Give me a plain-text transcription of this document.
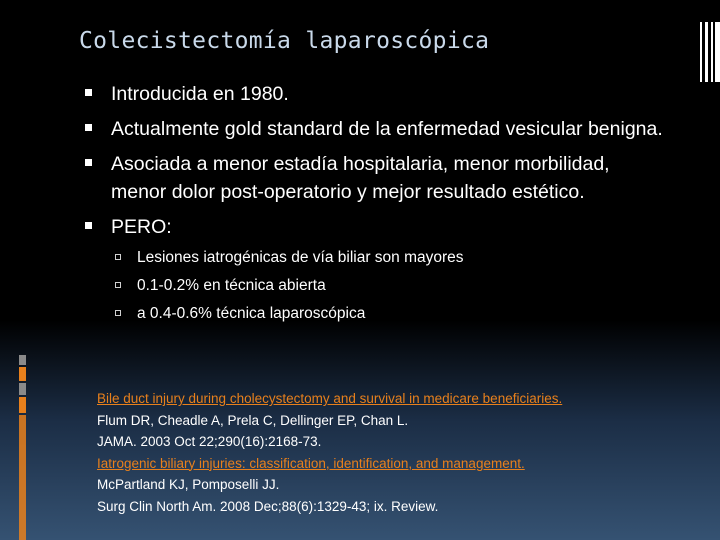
Colecistectomía laparoscópica
Introducida en 1980.
Actualmente gold standard de la enfermedad vesicular benigna.
Asociada a menor estadía hospitalaria, menor morbilidad, menor dolor post-operatorio y mejor resultado estético.
PERO:
Lesiones iatrogénicas de vía biliar son mayores
0.1-0.2% en técnica abierta
a 0.4-0.6% técnica laparoscópica
Bile duct injury during cholecystectomy and survival in medicare beneficiaries.
Flum DR, Cheadle A, Prela C, Dellinger EP, Chan L.
JAMA. 2003 Oct 22;290(16):2168-73.
Iatrogenic biliary injuries: classification, identification, and management.
McPartland KJ, Pomposelli JJ.
Surg Clin North Am. 2008 Dec;88(6):1329-43; ix. Review.
